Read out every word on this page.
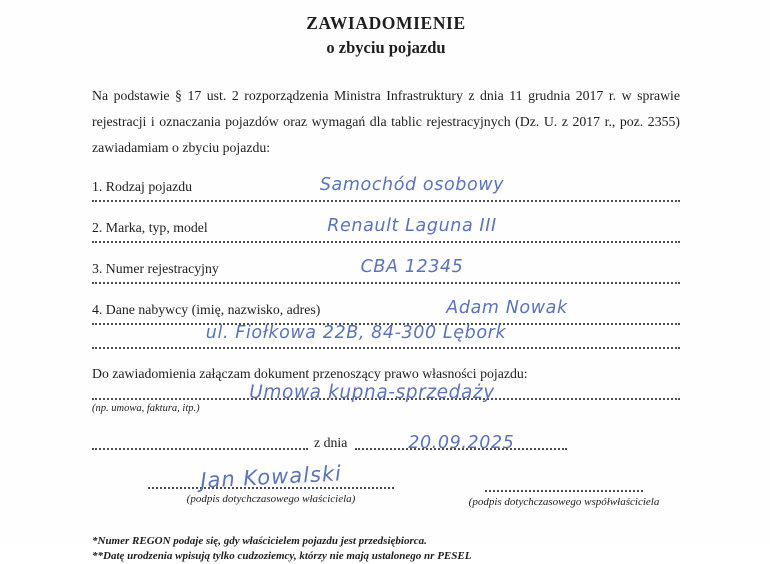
ZAWIADOMIENIE
o zbyciu pojazdu

Na podstawie § 17 ust. 2 rozporządzenia Ministra Infrastruktury z dnia 11 grudnia 2017 r. w sprawie rejestracji i oznaczania pojazdów oraz wymagań dla tablic rejestracyjnych (Dz. U. z 2017 r., poz. 2355) zawiadamiam o zbyciu pojazdu:

1. Rodzaj pojazdu	Samochód osobowy
2. Marka, typ, model	Renault Laguna III
3. Numer rejestracyjny	CBA 12345
4. Dane nabywcy (imię, nazwisko, adres)	Adam Nowak
ul. Fiołkowa 22B, 84-300 Lębork
Do zawiadomienia załączam dokument przenoszący prawo własności pojazdu:
Umowa kupna-sprzedaży
(np. umowa, faktura, itp.)
z dnia	20.09.2025
Jan Kowalski
(podpis dotychczasowego właściciela)	(podpis dotychczasowego współwłaściciela
*Numer REGON podaje się, gdy właścicielem pojazdu jest przedsiębiorca.
**Datę urodzenia wpisują tylko cudzoziemcy, którzy nie mają ustalonego nr PESEL
